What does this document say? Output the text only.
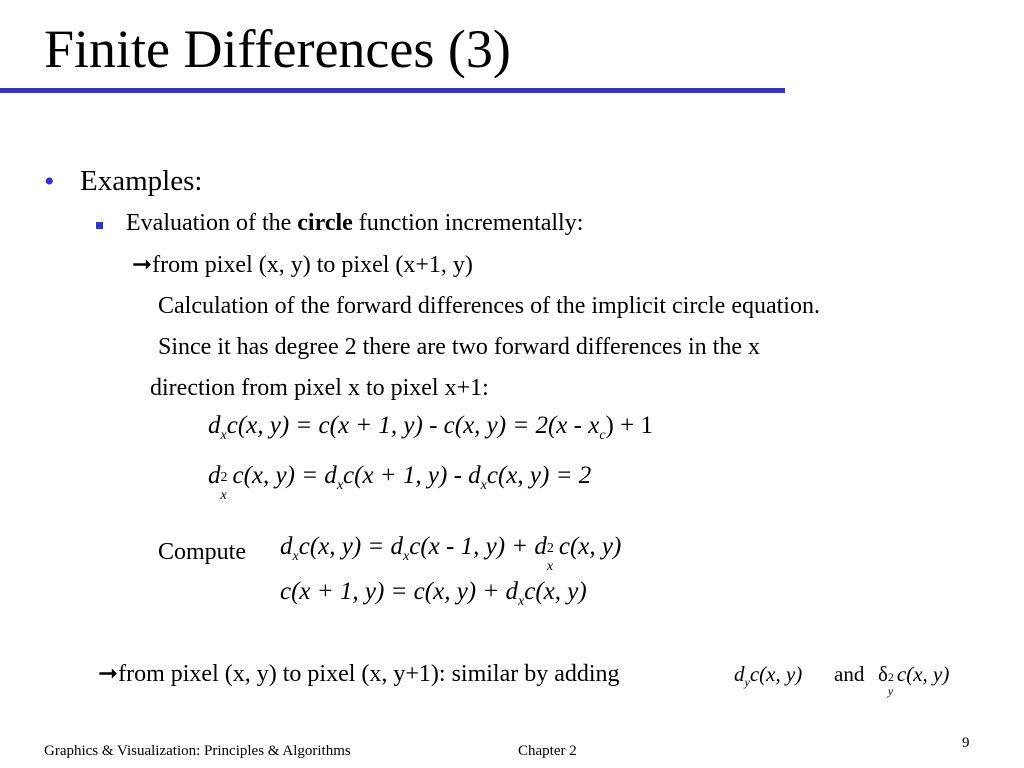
Finite Differences (3)
• Examples:
Evaluation of the circle function incrementally:
➞from pixel (x, y) to pixel (x+1, y)
Calculation of the forward differences of the implicit circle equation.
Since it has degree 2 there are two forward differences in the x
direction from pixel x to pixel x+1:
$d_xc(x$, y) = c(x + 1, y) - c(x, $y) = 2(x - x_c) + 1$
d 2
x
c(x, $y) = d_xc(x + 1$, $y) - d_xc(x$, y) = 2
Compute $d_xc(x$, $y) = d_xc(x - 1$, y) + d 2
x
c(x, y)
c(x + 1, y) = c(x, $y) + d_xc(x$, y)
➞from pixel (x, y) to pixel (x, y+1): similar by adding	$d_yc(x$, y) and δ 2
y
c(x, y)
Graphics & Visualization: Principles & Algorithms	Chapter 2	9
